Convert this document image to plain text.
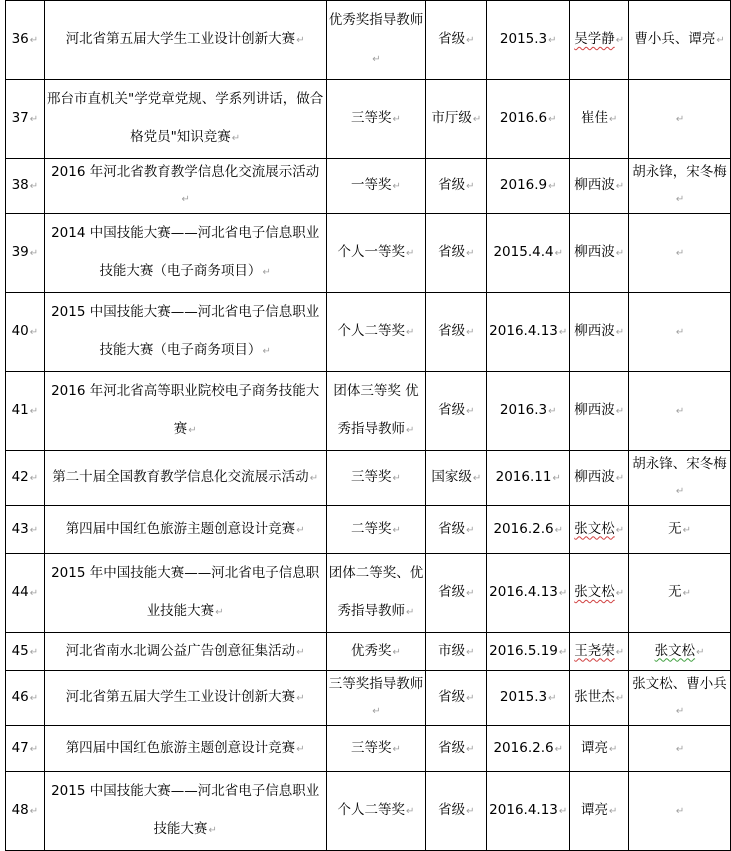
36↵	河北省第五届大学生工业设计创新大赛↵	优秀奖指导教师↵	省级↵	2015.3↵	吴学静↵	曹小兵、谭亮↵
37↵	邢台市直机关"学党章党规、学系列讲话，做合格党员"知识竞赛↵	三等奖↵	市厅级↵	2016.6↵	崔佳↵	↵
38↵	2016 年河北省教育教学信息化交流展示活动↵	一等奖↵	省级↵	2016.9↵	柳西波↵	胡永锋，宋冬梅↵
39↵	2014 中国技能大赛——河北省电子信息职业技能大赛（电子商务项目）↵	个人一等奖↵	省级↵	2015.4.4↵	柳西波↵	↵
40↵	2015 中国技能大赛——河北省电子信息职业技能大赛（电子商务项目）↵	个人二等奖↵	省级↵	2016.4.13↵	柳西波↵	↵
41↵	2016 年河北省高等职业院校电子商务技能大赛↵	团体三等奖 优秀指导教师↵	省级↵	2016.3↵	柳西波↵	↵
42↵	第二十届全国教育教学信息化交流展示活动↵	三等奖↵	国家级↵	2016.11↵	柳西波↵	胡永锋、宋冬梅↵
43↵	第四届中国红色旅游主题创意设计竞赛↵	二等奖↵	省级↵	2016.2.6↵	张文松↵	无↵
44↵	2015 年中国技能大赛——河北省电子信息职业技能大赛↵	团体二等奖、优秀指导教师↵	省级↵	2016.4.13↵	张文松↵	无↵
45↵	河北省南水北调公益广告创意征集活动↵	优秀奖↵	市级↵	2016.5.19↵	王尧荣↵	张文松↵
46↵	河北省第五届大学生工业设计创新大赛↵	三等奖指导教师↵	省级↵	2015.3↵	张世杰↵	张文松、曹小兵↵
47↵	第四届中国红色旅游主题创意设计竞赛↵	三等奖↵	省级↵	2016.2.6↵	谭亮↵	↵
48↵	2015 中国技能大赛——河北省电子信息职业技能大赛↵	个人二等奖↵	省级↵	2016.4.13↵	谭亮↵	↵
